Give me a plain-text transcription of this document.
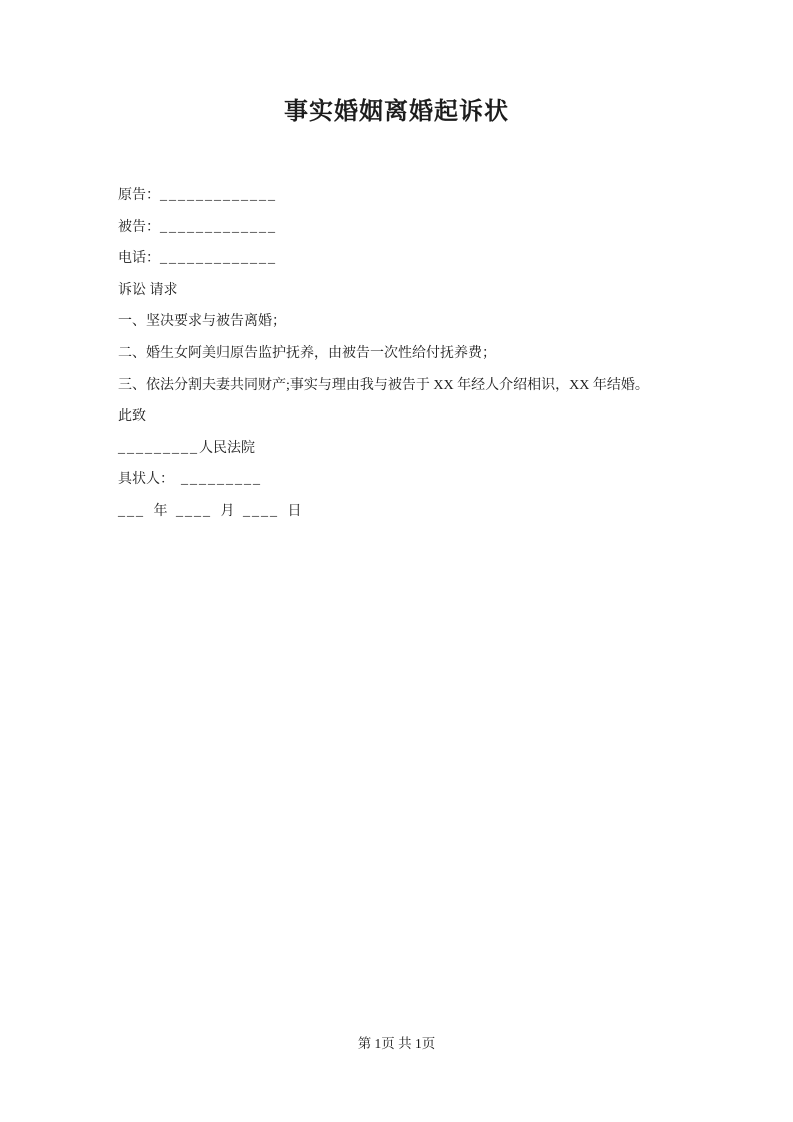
事实婚姻离婚起诉状

原告：_____________

被告：_____________

电话：_____________

诉讼 请求

一、坚决要求与被告离婚；

二、婚生女阿美归原告监护抚养，由被告一次性给付抚养费；

三、依法分割夫妻共同财产;事实与理由我与被告于 XX 年经人介绍相识，XX 年结婚。

此致

_________人民法院

具状人： _________

___ 年 ____ 月 ____ 日

第 1页 共 1页
